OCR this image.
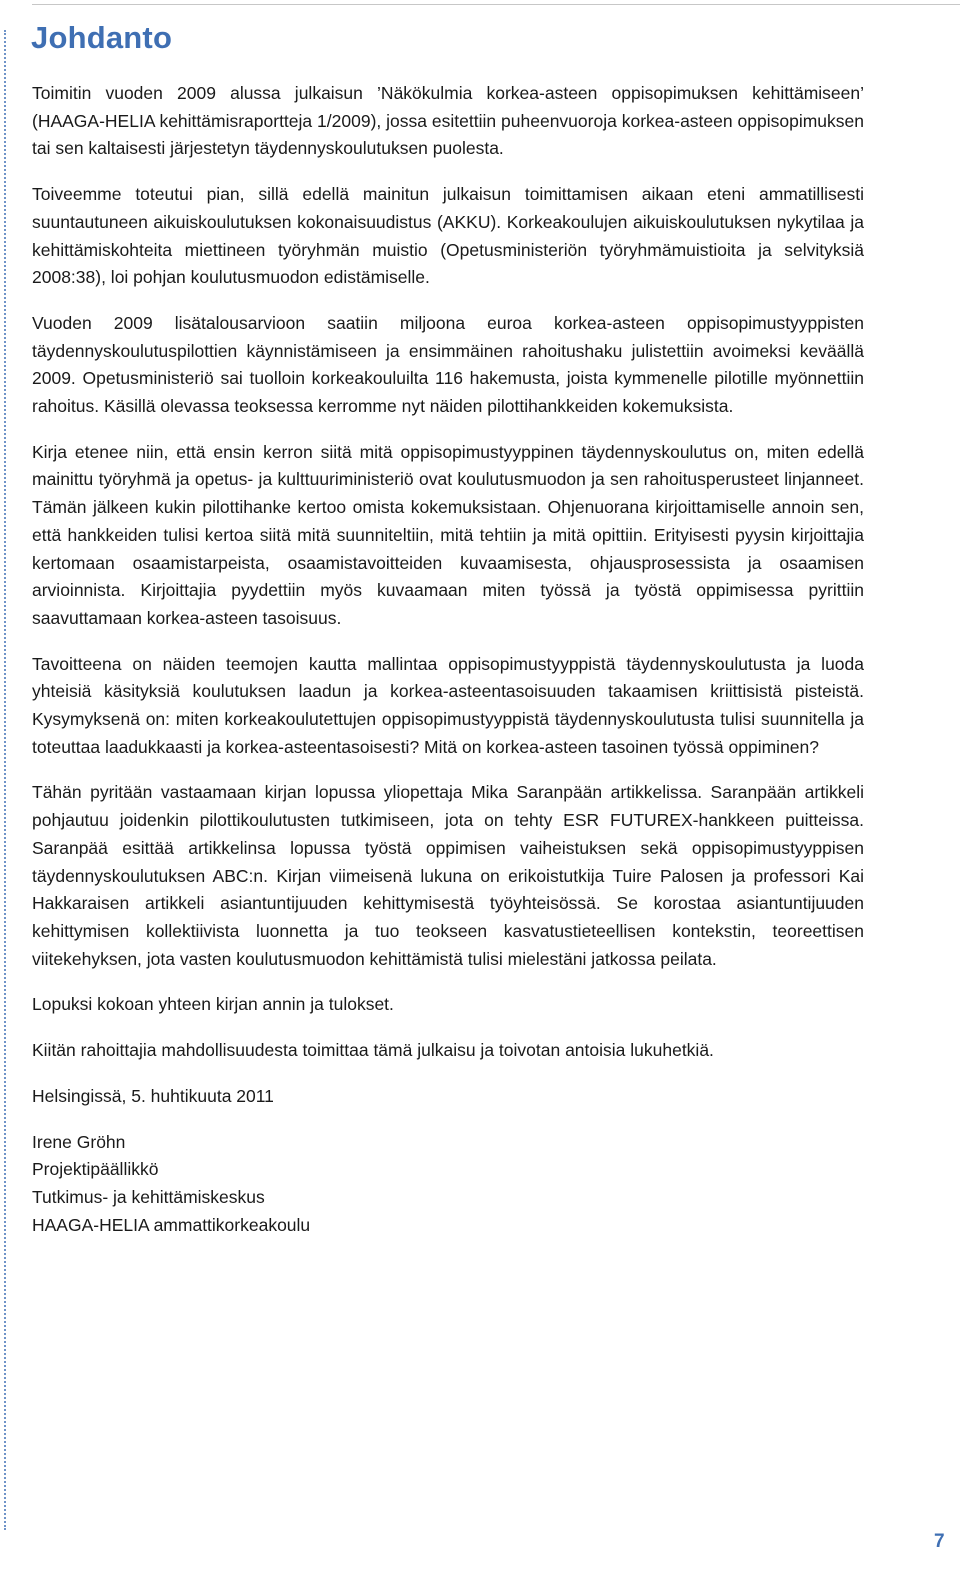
Johdanto

Toimitin vuoden 2009 alussa julkaisun ’Näkökulmia korkea-asteen oppisopimuksen kehittämiseen’ (HAAGA-HELIA kehittämisraportteja 1/2009), jossa esitettiin puheenvuoroja korkea-asteen oppisopimuksen tai sen kaltaisesti järjestetyn täydennyskoulutuksen puolesta.

Toiveemme toteutui pian, sillä edellä mainitun julkaisun toimittamisen aikaan eteni ammatillisesti suuntautuneen aikuiskoulutuksen kokonaisuudistus (AKKU). Korkeakoulujen aikuiskoulutuksen nykytilaa ja kehittämiskohteita miettineen työryhmän muistio (Opetusministeriön työryhmämuistioita ja selvityksiä 2008:38), loi pohjan koulutusmuodon edistämiselle.

Vuoden 2009 lisätalousarvioon saatiin miljoona euroa korkea-asteen oppisopimustyyppisten täydennyskoulutuspilottien käynnistämiseen ja ensimmäinen rahoitushaku julistettiin avoimeksi keväällä 2009. Opetusministeriö sai tuolloin korkeakouluilta 116 hakemusta, joista kymmenelle pilotille myönnettiin rahoitus. Käsillä olevassa teoksessa kerromme nyt näiden pilottihankkeiden kokemuksista.

Kirja etenee niin, että ensin kerron siitä mitä oppisopimustyyppinen täydennyskoulutus on, miten edellä mainittu työryhmä ja opetus- ja kulttuuriministeriö ovat koulutusmuodon ja sen rahoitusperusteet linjanneet. Tämän jälkeen kukin pilottihanke kertoo omista kokemuksistaan. Ohjenuorana kirjoittamiselle annoin sen, että hankkeiden tulisi kertoa siitä mitä suunniteltiin, mitä tehtiin ja mitä opittiin. Erityisesti pyysin kirjoittajia kertomaan osaamistarpeista, osaamistavoitteiden kuvaamisesta, ohjausprosessista ja osaamisen arvioinnista. Kirjoittajia pyydettiin myös kuvaamaan miten työssä ja työstä oppimisessa pyrittiin saavuttamaan korkea-asteen tasoisuus.

Tavoitteena on näiden teemojen kautta mallintaa oppisopimustyyppistä täydennyskoulutusta ja luoda yhteisiä käsityksiä koulutuksen laadun ja korkea-asteentasoisuuden takaamisen kriittisistä pisteistä. Kysymyksenä on: miten korkeakoulutettujen oppisopimustyyppistä täydennyskoulutusta tulisi suunnitella ja toteuttaa laadukkaasti ja korkea-asteentasoisesti? Mitä on korkea-asteen tasoinen työssä oppiminen?

Tähän pyritään vastaamaan kirjan lopussa yliopettaja Mika Saranpään artikkelissa. Saranpään artikkeli pohjautuu joidenkin pilottikoulutusten tutkimiseen, jota on tehty ESR FUTUREX-hankkeen puitteissa. Saranpää esittää artikkelinsa lopussa työstä oppimisen vaiheistuksen sekä oppisopimustyyppisen täydennyskoulutuksen ABC:n. Kirjan viimeisenä lukuna on erikoistutkija Tuire Palosen ja professori Kai Hakkaraisen artikkeli asiantuntijuuden kehittymisestä työyhteisössä. Se korostaa asiantuntijuuden kehittymisen kollektiivista luonnetta ja tuo teokseen kasvatustieteellisen kontekstin, teoreettisen viitekehyksen, jota vasten koulutusmuodon kehittämistä tulisi mielestäni jatkossa peilata.

Lopuksi kokoan yhteen kirjan annin ja tulokset.

Kiitän rahoittajia mahdollisuudesta toimittaa tämä julkaisu ja toivotan antoisia lukuhetkiä.

Helsingissä, 5. huhtikuuta 2011

Irene Gröhn
Projektipäällikkö
Tutkimus- ja kehittämiskeskus
HAAGA-HELIA ammattikorkeakoulu
7
